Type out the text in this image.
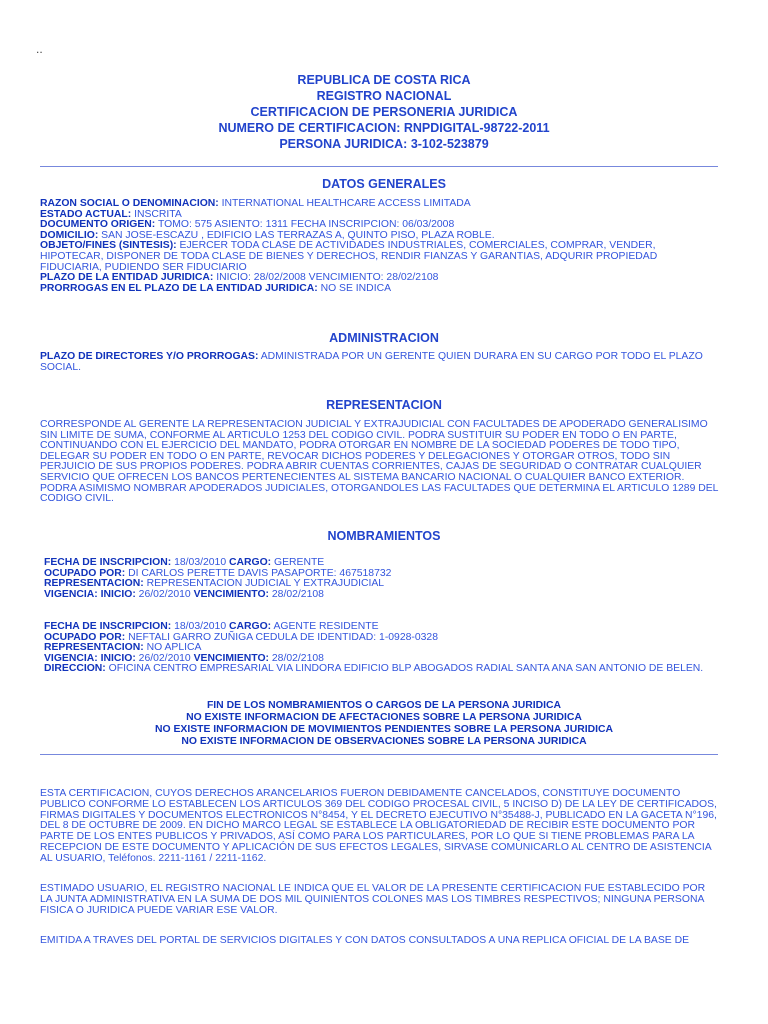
..
REPUBLICA DE COSTA RICA
REGISTRO NACIONAL
CERTIFICACION DE PERSONERIA JURIDICA
NUMERO DE CERTIFICACION: RNPDIGITAL-98722-2011
PERSONA JURIDICA: 3-102-523879
DATOS GENERALES

RAZON SOCIAL O DENOMINACION: INTERNATIONAL HEALTHCARE ACCESS LIMITADA

ESTADO ACTUAL: INSCRITA

DOCUMENTO ORIGEN: TOMO: 575 ASIENTO: 1311 FECHA INSCRIPCION: 06/03/2008

DOMICILIO: SAN JOSE-ESCAZU , EDIFICIO LAS TERRAZAS A, QUINTO PISO, PLAZA ROBLE.

OBJETO/FINES (SINTESIS): EJERCER TODA CLASE DE ACTIVIDADES INDUSTRIALES, COMERCIALES, COMPRAR, VENDER, HIPOTECAR, DISPONER DE TODA CLASE DE BIENES Y DERECHOS, RENDIR FIANZAS Y GARANTIAS, ADQURIR PROPIEDAD FIDUCIARIA, PUDIENDO SER FIDUCIARIO

PLAZO DE LA ENTIDAD JURIDICA: INICIO: 28/02/2008 VENCIMIENTO: 28/02/2108

PRORROGAS EN EL PLAZO DE LA ENTIDAD JURIDICA: NO SE INDICA

ADMINISTRACION

PLAZO DE DIRECTORES Y/O PRORROGAS: ADMINISTRADA POR UN GERENTE QUIEN DURARA EN SU CARGO POR TODO EL PLAZO SOCIAL.

REPRESENTACION

CORRESPONDE AL GERENTE LA REPRESENTACION JUDICIAL Y EXTRAJUDICIAL CON FACULTADES DE APODERADO GENERALISIMO SIN LIMITE DE SUMA, CONFORME AL ARTICULO 1253 DEL CODIGO CIVIL. PODRA SUSTITUIR SU PODER EN TODO O EN PARTE, CONTINUANDO CON EL EJERCICIO DEL MANDATO, PODRA OTORGAR EN NOMBRE DE LA SOCIEDAD PODERES DE TODO TIPO, DELEGAR SU PODER EN TODO O EN PARTE, REVOCAR DICHOS PODERES Y DELEGACIONES Y OTORGAR OTROS, TODO SIN PERJUICIO DE SUS PROPIOS PODERES. PODRA ABRIR CUENTAS CORRIENTES, CAJAS DE SEGURIDAD O CONTRATAR CUALQUIER SERVICIO QUE OFRECEN LOS BANCOS PERTENECIENTES AL SISTEMA BANCARIO NACIONAL O CUALQUIER BANCO EXTERIOR. PODRA ASIMISMO NOMBRAR APODERADOS JUDICIALES, OTORGANDOLES LAS FACULTADES QUE DETERMINA EL ARTICULO 1289 DEL CODIGO CIVIL.

NOMBRAMIENTOS

FECHA DE INSCRIPCION: 18/03/2010 CARGO: GERENTE

OCUPADO POR: DI CARLOS PERETTE DAVIS PASAPORTE: 467518732

REPRESENTACION: REPRESENTACION JUDICIAL Y EXTRAJUDICIAL

VIGENCIA: INICIO: 26/02/2010 VENCIMIENTO: 28/02/2108

FECHA DE INSCRIPCION: 18/03/2010 CARGO: AGENTE RESIDENTE

OCUPADO POR: NEFTALI GARRO ZUÑIGA CEDULA DE IDENTIDAD: 1-0928-0328

REPRESENTACION: NO APLICA

VIGENCIA: INICIO: 26/02/2010 VENCIMIENTO: 28/02/2108

DIRECCION: OFICINA CENTRO EMPRESARIAL VIA LINDORA EDIFICIO BLP ABOGADOS RADIAL SANTA ANA SAN ANTONIO DE BELEN.

FIN DE LOS NOMBRAMIENTOS O CARGOS DE LA PERSONA JURIDICA
NO EXISTE INFORMACION DE AFECTACIONES SOBRE LA PERSONA JURIDICA
NO EXISTE INFORMACION DE MOVIMIENTOS PENDIENTES SOBRE LA PERSONA JURIDICA
NO EXISTE INFORMACION DE OBSERVACIONES SOBRE LA PERSONA JURIDICA
ESTA CERTIFICACION, CUYOS DERECHOS ARANCELARIOS FUERON DEBIDAMENTE CANCELADOS, CONSTITUYE DOCUMENTO PUBLICO CONFORME LO ESTABLECEN LOS ARTICULOS 369 DEL CODIGO PROCESAL CIVIL, 5 INCISO D) DE LA LEY DE CERTIFICADOS, FIRMAS DIGITALES Y DOCUMENTOS ELECTRONICOS N°8454, Y EL DECRETO EJECUTIVO N°35488-J, PUBLICADO EN LA GACETA N°196, DEL 8 DE OCTUBRE DE 2009. EN DICHO MARCO LEGAL SE ESTABLECE LA OBLIGATORIEDAD DE RECIBIR ESTE DOCUMENTO POR PARTE DE LOS ENTES PUBLICOS Y PRIVADOS, ASÍ COMO PARA LOS PARTICULARES, POR LO QUE SI TIENE PROBLEMAS PARA LA RECEPCION DE ESTE DOCUMENTO Y APLICACIÓN DE SUS EFECTOS LEGALES, SIRVASE COMUNICARLO AL CENTRO DE ASISTENCIA AL USUARIO, Teléfonos. 2211-1161 / 2211-1162.
ESTIMADO USUARIO, EL REGISTRO NACIONAL LE INDICA QUE EL VALOR DE LA PRESENTE CERTIFICACION FUE ESTABLECIDO POR LA JUNTA ADMINISTRATIVA EN LA SUMA DE DOS MIL QUINIENTOS COLONES MAS LOS TIMBRES RESPECTIVOS; NINGUNA PERSONA FISICA O JURIDICA PUEDE VARIAR ESE VALOR.
EMITIDA A TRAVES DEL PORTAL DE SERVICIOS DIGITALES Y CON DATOS CONSULTADOS A UNA REPLICA OFICIAL DE LA BASE DE
